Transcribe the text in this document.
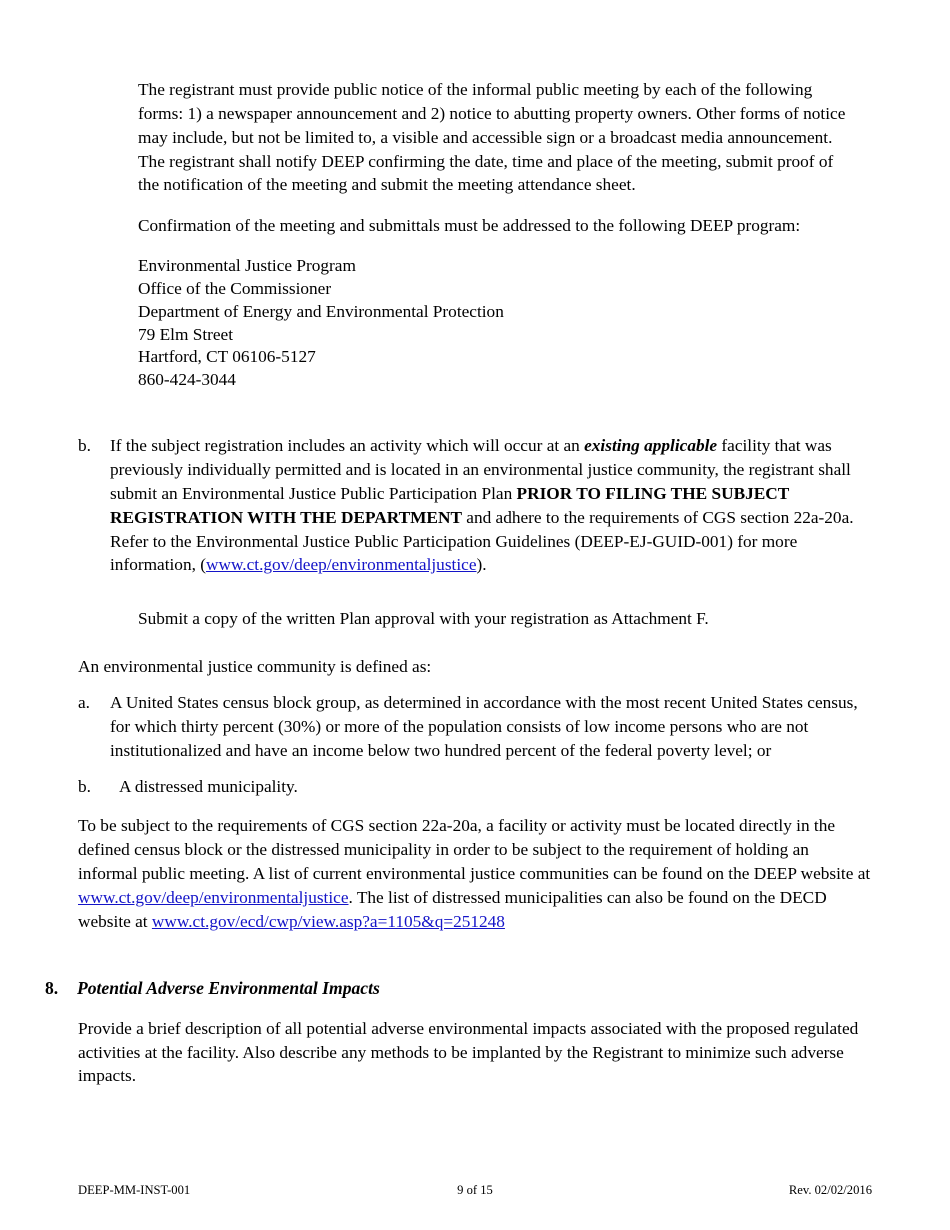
The registrant must provide public notice of the informal public meeting by each of the following forms: 1) a newspaper announcement and 2) notice to abutting property owners. Other forms of notice may include, but not be limited to, a visible and accessible sign or a broadcast media announcement. The registrant shall notify DEEP confirming the date, time and place of the meeting, submit proof of the notification of the meeting and submit the meeting attendance sheet.

Confirmation of the meeting and submittals must be addressed to the following DEEP program:

Environmental Justice Program
Office of the Commissioner
Department of Energy and Environmental Protection
79 Elm Street
Hartford, CT 06106-5127
860-424-3044
b.	If the subject registration includes an activity which will occur at an existing applicable facility that was previously individually permitted and is located in an environmental justice community, the registrant shall submit an Environmental Justice Public Participation Plan PRIOR TO FILING THE SUBJECT REGISTRATION WITH THE DEPARTMENT and adhere to the requirements of CGS section 22a-20a. Refer to the Environmental Justice Public Participation Guidelines (DEEP-EJ-GUID-001) for more information, (www.ct.gov/deep/environmentaljustice).

Submit a copy of the written Plan approval with your registration as Attachment F.

An environmental justice community is defined as:

a.	A United States census block group, as determined in accordance with the most recent United States census, for which thirty percent (30%) or more of the population consists of low income persons who are not institutionalized and have an income below two hundred percent of the federal poverty level; or
b.	A distressed municipality.

To be subject to the requirements of CGS section 22a-20a, a facility or activity must be located directly in the defined census block or the distressed municipality in order to be subject to the requirement of holding an informal public meeting. A list of current environmental justice communities can be found on the DEEP website at www.ct.gov/deep/environmentaljustice. The list of distressed municipalities can also be found on the DECD website at www.ct.gov/ecd/cwp/view.asp?a=1105&q=251248

8.	Potential Adverse Environmental Impacts

Provide a brief description of all potential adverse environmental impacts associated with the proposed regulated activities at the facility. Also describe any methods to be implanted by the Registrant to minimize such adverse impacts.

DEEP-MM-INST-001	9 of 15	Rev. 02/02/2016
